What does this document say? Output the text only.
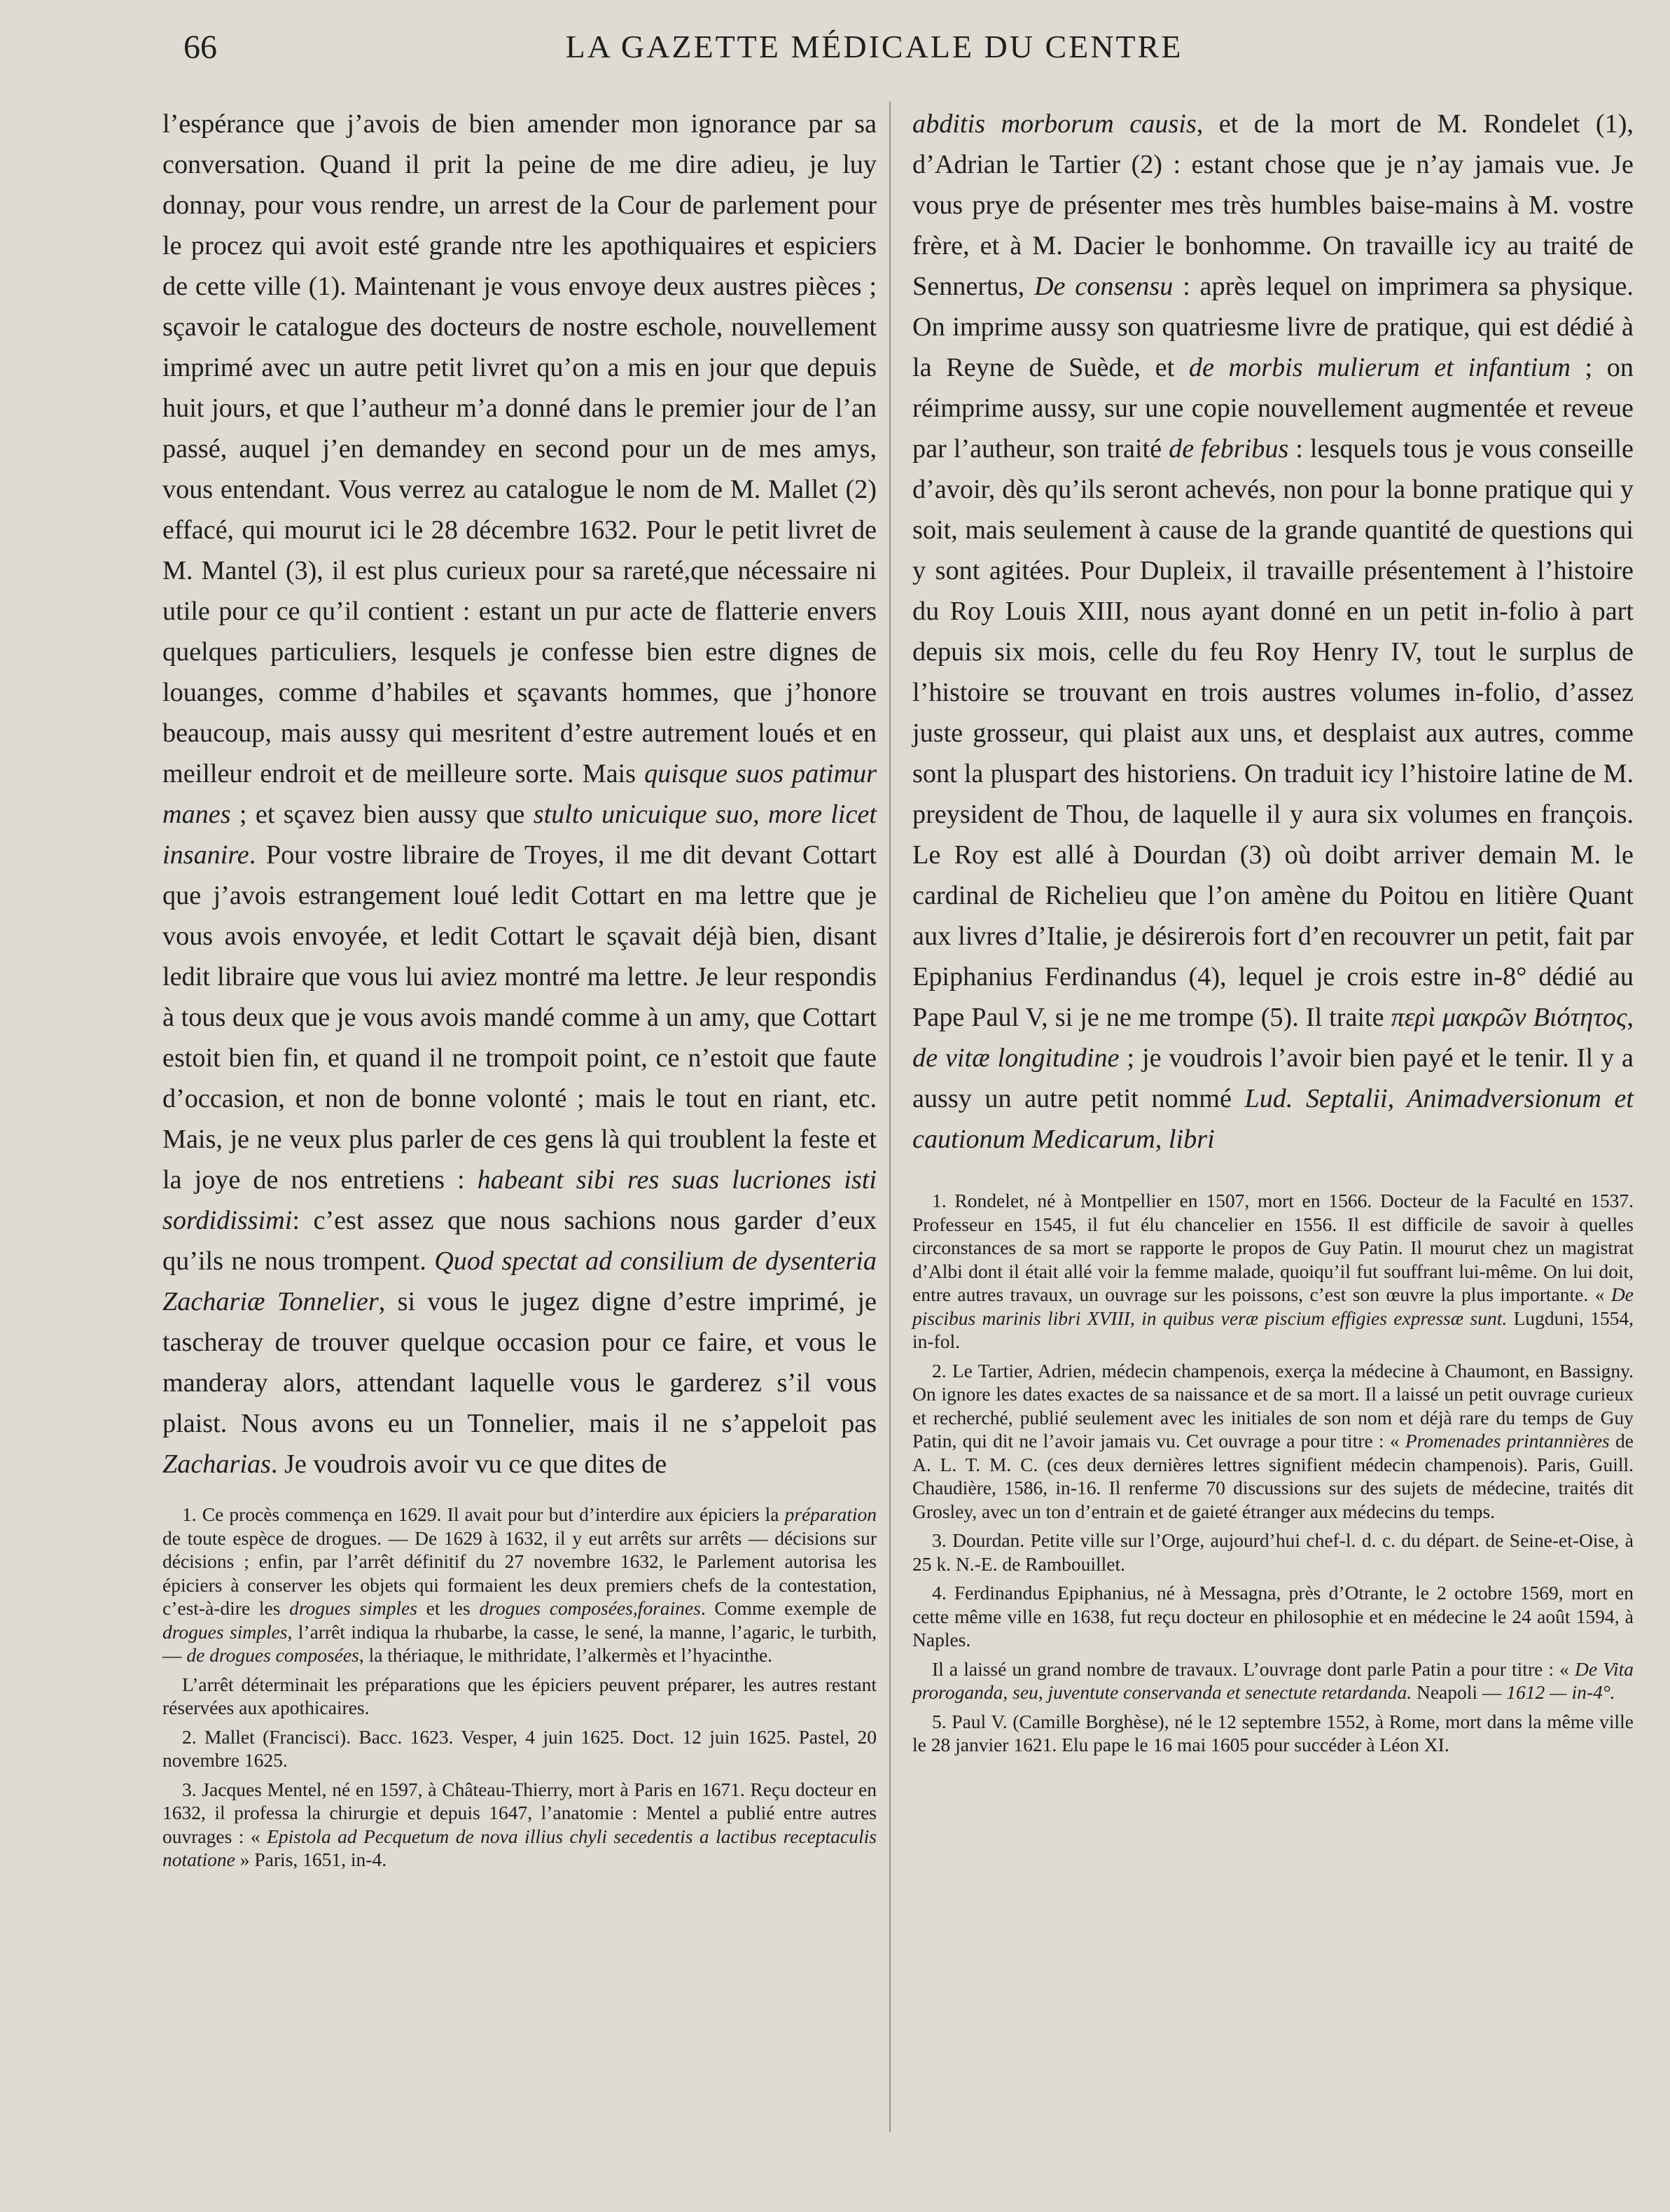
66	LA GAZETTE MÉDICALE DU CENTRE

l’espérance que j’avois de bien amender mon ignorance par sa conversation. Quand il prit la peine de me dire adieu, je luy donnay, pour vous rendre, un arrest de la Cour de parlement pour le procez qui avoit esté grande ntre les apothiquaires et espiciers de cette ville (1). Maintenant je vous envoye deux austres pièces ; sçavoir le catalogue des docteurs de nostre eschole, nouvellement imprimé avec un autre petit livret qu’on a mis en jour que depuis huit jours, et que l’autheur m’a donné dans le premier jour de l’an passé, auquel j’en demandey en second pour un de mes amys, vous entendant. Vous verrez au catalogue le nom de M. Mallet (2) effacé, qui mourut ici le 28 décembre 1632. Pour le petit livret de M. Mantel (3), il est plus curieux pour sa rareté,que nécessaire ni utile pour ce qu’il contient : estant un pur acte de flatterie envers quelques particuliers, lesquels je confesse bien estre dignes de louanges, comme d’habiles et sçavants hommes, que j’honore beaucoup, mais aussy qui mesritent d’estre autrement loués et en meilleur endroit et de meilleure sorte. Mais quisque suos patimur manes ; et sçavez bien aussy que stulto unicuique suo, more licet insanire. Pour vostre libraire de Troyes, il me dit devant Cottart que j’avois estrangement loué ledit Cottart en ma lettre que je vous avois envoyée, et ledit Cottart le sçavait déjà bien, disant ledit libraire que vous lui aviez montré ma lettre. Je leur respondis à tous deux que je vous avois mandé comme à un amy, que Cottart estoit bien fin, et quand il ne trompoit point, ce n’estoit que faute d’occasion, et non de bonne volonté ; mais le tout en riant, etc. Mais, je ne veux plus parler de ces gens là qui troublent la feste et la joye de nos entretiens : habeant sibi res suas lucriones isti sordidissimi: c’est assez que nous sachions nous garder d’eux qu’ils ne nous trompent. Quod spectat ad consilium de dysenteria Zachariæ Tonnelier, si vous le jugez digne d’estre imprimé, je tascheray de trouver quelque occasion pour ce faire, et vous le manderay alors, attendant laquelle vous le garderez s’il vous plaist. Nous avons eu un Tonnelier, mais il ne s’appeloit pas Zacharias. Je voudrois avoir vu ce que dites de

1. Ce procès commença en 1629. Il avait pour but d’interdire aux épiciers la préparation de toute espèce de drogues. — De 1629 à 1632, il y eut arrêts sur arrêts — décisions sur décisions ; enfin, par l’arrêt définitif du 27 novembre 1632, le Parlement autorisa les épiciers à conserver les objets qui formaient les deux premiers chefs de la contestation, c’est-à-dire les drogues simples et les drogues composées,foraines. Comme exemple de drogues simples, l’arrêt indiqua la rhubarbe, la casse, le sené, la manne, l’agaric, le turbith, — de drogues composées, la thériaque, le mithridate, l’alkermès et l’hyacinthe.

L’arrêt déterminait les préparations que les épiciers peuvent préparer, les autres restant réservées aux apothicaires.

2. Mallet (Francisci). Bacc. 1623. Vesper, 4 juin 1625. Doct. 12 juin 1625. Pastel, 20 novembre 1625.

3. Jacques Mentel, né en 1597, à Château-Thierry, mort à Paris en 1671. Reçu docteur en 1632, il professa la chirurgie et depuis 1647, l’anatomie : Mentel a publié entre autres ouvrages : « Epistola ad Pecquetum de nova illius chyli secedentis a lactibus receptaculis notatione » Paris, 1651, in-4.

abditis morborum causis, et de la mort de M. Rondelet (1), d’Adrian le Tartier (2) : estant chose que je n’ay jamais vue. Je vous prye de présenter mes très humbles baise-mains à M. vostre frère, et à M. Dacier le bonhomme. On travaille icy au traité de Sennertus, De consensu : après lequel on imprimera sa physique. On imprime aussy son quatriesme livre de pratique, qui est dédié à la Reyne de Suède, et de morbis mulierum et infantium ; on réimprime aussy, sur une copie nouvellement augmentée et reveue par l’autheur, son traité de febribus : lesquels tous je vous conseille d’avoir, dès qu’ils seront achevés, non pour la bonne pratique qui y soit, mais seulement à cause de la grande quantité de questions qui y sont agitées. Pour Dupleix, il travaille présentement à l’histoire du Roy Louis XIII, nous ayant donné en un petit in-folio à part depuis six mois, celle du feu Roy Henry IV, tout le surplus de l’histoire se trouvant en trois austres volumes in-folio, d’assez juste grosseur, qui plaist aux uns, et desplaist aux autres, comme sont la pluspart des historiens. On traduit icy l’histoire latine de M. preysident de Thou, de laquelle il y aura six volumes en françois. Le Roy est allé à Dourdan (3) où doibt arriver demain M. le cardinal de Richelieu que l’on amène du Poitou en litière Quant aux livres d’Italie, je désirerois fort d’en recouvrer un petit, fait par Epiphanius Ferdinandus (4), lequel je crois estre in-8° dédié au Pape Paul V, si je ne me trompe (5). Il traite περὶ μακρῶν Βιότητος, de vitæ longitudine ; je voudrois l’avoir bien payé et le tenir. Il y a aussy un autre petit nommé Lud. Septalii, Animadversionum et cautionum Medicarum, libri

1. Rondelet, né à Montpellier en 1507, mort en 1566. Docteur de la Faculté en 1537. Professeur en 1545, il fut élu chancelier en 1556. Il est difficile de savoir à quelles circonstances de sa mort se rapporte le propos de Guy Patin. Il mourut chez un magistrat d’Albi dont il était allé voir la femme malade, quoiqu’il fut souffrant lui-même. On lui doit, entre autres travaux, un ouvrage sur les poissons, c’est son œuvre la plus importante. « De piscibus marinis libri XVIII, in quibus veræ piscium effigies expressæ sunt. Lugduni, 1554, in-fol.

2. Le Tartier, Adrien, médecin champenois, exerça la médecine à Chaumont, en Bassigny. On ignore les dates exactes de sa naissance et de sa mort. Il a laissé un petit ouvrage curieux et recherché, publié seulement avec les initiales de son nom et déjà rare du temps de Guy Patin, qui dit ne l’avoir jamais vu. Cet ouvrage a pour titre : « Promenades printannières de A. L. T. M. C. (ces deux dernières lettres signifient médecin champenois). Paris, Guill. Chaudière, 1586, in-16. Il renferme 70 discussions sur des sujets de médecine, traités dit Grosley, avec un ton d’entrain et de gaieté étranger aux médecins du temps.

3. Dourdan. Petite ville sur l’Orge, aujourd’hui chef-l. d. c. du départ. de Seine-et-Oise, à 25 k. N.-E. de Rambouillet.

4. Ferdinandus Epiphanius, né à Messagna, près d’Otrante, le 2 octobre 1569, mort en cette même ville en 1638, fut reçu docteur en philosophie et en médecine le 24 août 1594, à Naples.

Il a laissé un grand nombre de travaux. L’ouvrage dont parle Patin a pour titre : « De Vita proroganda, seu, juventute conservanda et senectute retardanda. Neapoli — 1612 — in-4°.

5. Paul V. (Camille Borghèse), né le 12 septembre 1552, à Rome, mort dans la même ville le 28 janvier 1621. Elu pape le 16 mai 1605 pour succéder à Léon XI.
